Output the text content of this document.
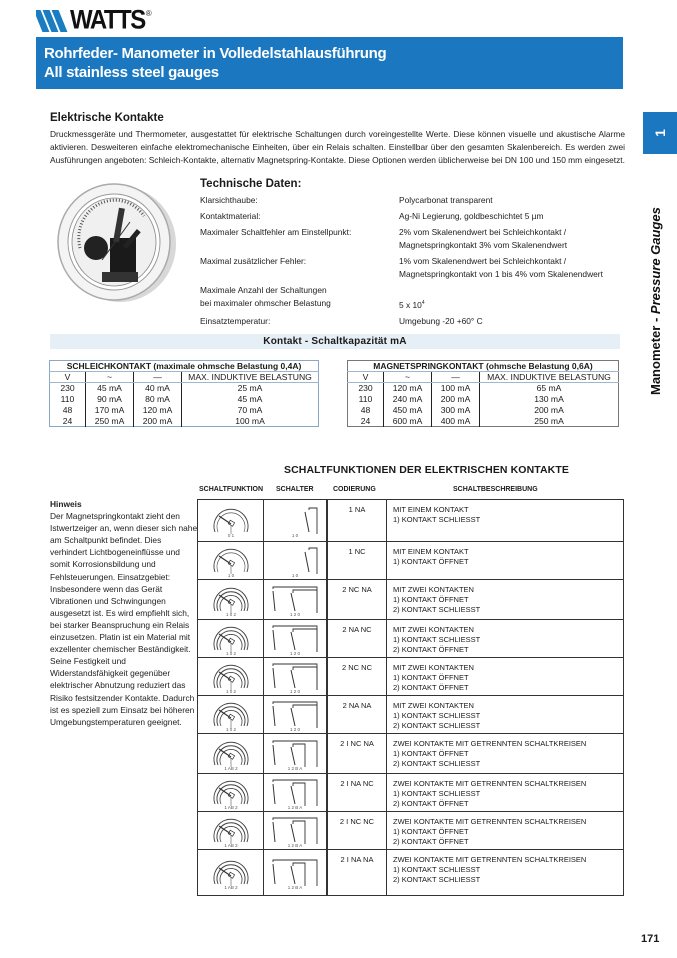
WATTS ®
Rohrfeder- Manometer in Volledelstahlausführung
All stainless steel gauges
1
Manometer - Pressure Gauges
Elektrische Kontakte
Druckmessgeräte und Thermometer, ausgestattet für elektrische Schaltungen durch voreingestellte Werte. Diese können visuelle und akustische Alarme aktivieren. Desweiteren einfache elektromechanische Einheiten, über ein Relais schalten. Einstellbar über den gesamten Skalenbereich. Es werden zwei Ausführungen angeboten: Schleich-Kontakte, alternativ Magnetspring-Kontakte. Diese Optionen werden üblicherweise bei DN 100 und 150 mm eingesetzt.
Technische Daten:
Klarsichthaube:	Polycarbonat transparent
Kontaktmaterial:	Ag-Ni Legierung, goldbeschichtet 5 µm
Maximaler Schaltfehler am Einstellpunkt:	2% vom Skalenendwert bei Schleichkontakt /
Magnetspringkontakt 3% vom Skalenendwert
Maximal zusätzlicher Fehler:	1% vom Skalenendwert bei Schleichkontakt /
Magnetspringkontakt von 1 bis 4% vom Skalenendwert
Maximale Anzahl der Schaltungen
bei maximaler ohmscher Belastung	5 x $10^4$
Einsatztemperatur:	Umgebung -20 +60° C
Kontakt - Schaltkapazität mA
SCHLEICHKONTAKT (maximale ohmsche Belastung 0,4A)			
V	~	—	MAX. INDUKTIVE BELASTUNG
230	45 mA	40 mA	25 mA
110	90 mA	80 mA	45 mA
48	170 mA	120 mA	70 mA
24	250 mA	200 mA	100 mA
MAGNETSPRINGKONTAKT (ohmsche Belastung 0,6A)			
V	~	—	MAX. INDUKTIVE BELASTUNG
230	120 mA	100 mA	65 mA
110	240 mA	200 mA	130 mA
48	450 mA	300 mA	200 mA
24	600 mA	400 mA	250 mA
SCHALTFUNKTIONEN DER ELEKTRISCHEN KONTAKTE
SCHALTFUNKTION SCHALTER	CODIERUNG	SCHALTBESCHREIBUNG
Hinweis
Der Magnetspringkontakt zieht den Istwertzeiger an, wenn dieser sich nahe am Schaltpunkt befindet. Dies verhindert Lichtbogeneinflüsse und somit Korrosionsbildung und Fehlsteuerungen. Einsatzgebiet: Insbesondere wenn das Gerät Vibrationen und Schwingungen ausgesetzt ist. Es wird empfiehlt sich, bei starker Beanspruchung ein Relais einzusetzen. Platin ist ein Material mit exzellenter chemischer Beständigkeit. Seine Festigkeit und Widerstandsfähigkeit gegenüber elektrischer Abnutzung reduziert das Risiko festsitzender Kontakte. Dadurch ist es speziell zum Einsatz bei höheren Umgebungstemperaturen geeignet.
0 1	1 0
1 NA	MIT EINEM KONTAKT
1) KONTAKT SCHLIESST
1 0	1 0
1 NC	MIT EINEM KONTAKT
1) KONTAKT ÖFFNET
1 0 2	1 2 0
2 NC NA	MIT ZWEI KONTAKTEN
1) KONTAKT ÖFFNET
2) KONTAKT SCHLIESST
1 0 2	1 2 0
2 NA NC	MIT ZWEI KONTAKTEN
1) KONTAKT SCHLIESST
2) KONTAKT ÖFFNET
1 0 2	1 2 0
2 NC NC	MIT ZWEI KONTAKTEN
1) KONTAKT ÖFFNET
2) KONTAKT ÖFFNET
1 0 2	1 2 0
2 NA NA	MIT ZWEI KONTAKTEN
1) KONTAKT SCHLIESST
2) KONTAKT SCHLIESST
1 AB 2	1 2 B A
2 I NC NA	ZWEI KONTAKTE MIT GETRENNTEN SCHALTKREISEN
1) KONTAKT ÖFFNET
2) KONTAKT SCHLIESST
1 AB 2	1 2 B A
2 I NA NC	ZWEI KONTAKTE MIT GETRENNTEN SCHALTKREISEN
1) KONTAKT SCHLIESST
2) KONTAKT ÖFFNET
1 AB 2	1 2 B A
2 I NC NC	ZWEI KONTAKTE MIT GETRENNTEN SCHALTKREISEN
1) KONTAKT ÖFFNET
2) KONTAKT ÖFFNET
1 AB 2	1 2 B A
2 I NA NA	ZWEI KONTAKTE MIT GETRENNTEN SCHALTKREISEN
1) KONTAKT SCHLIESST
2) KONTAKT SCHLIESST
171
